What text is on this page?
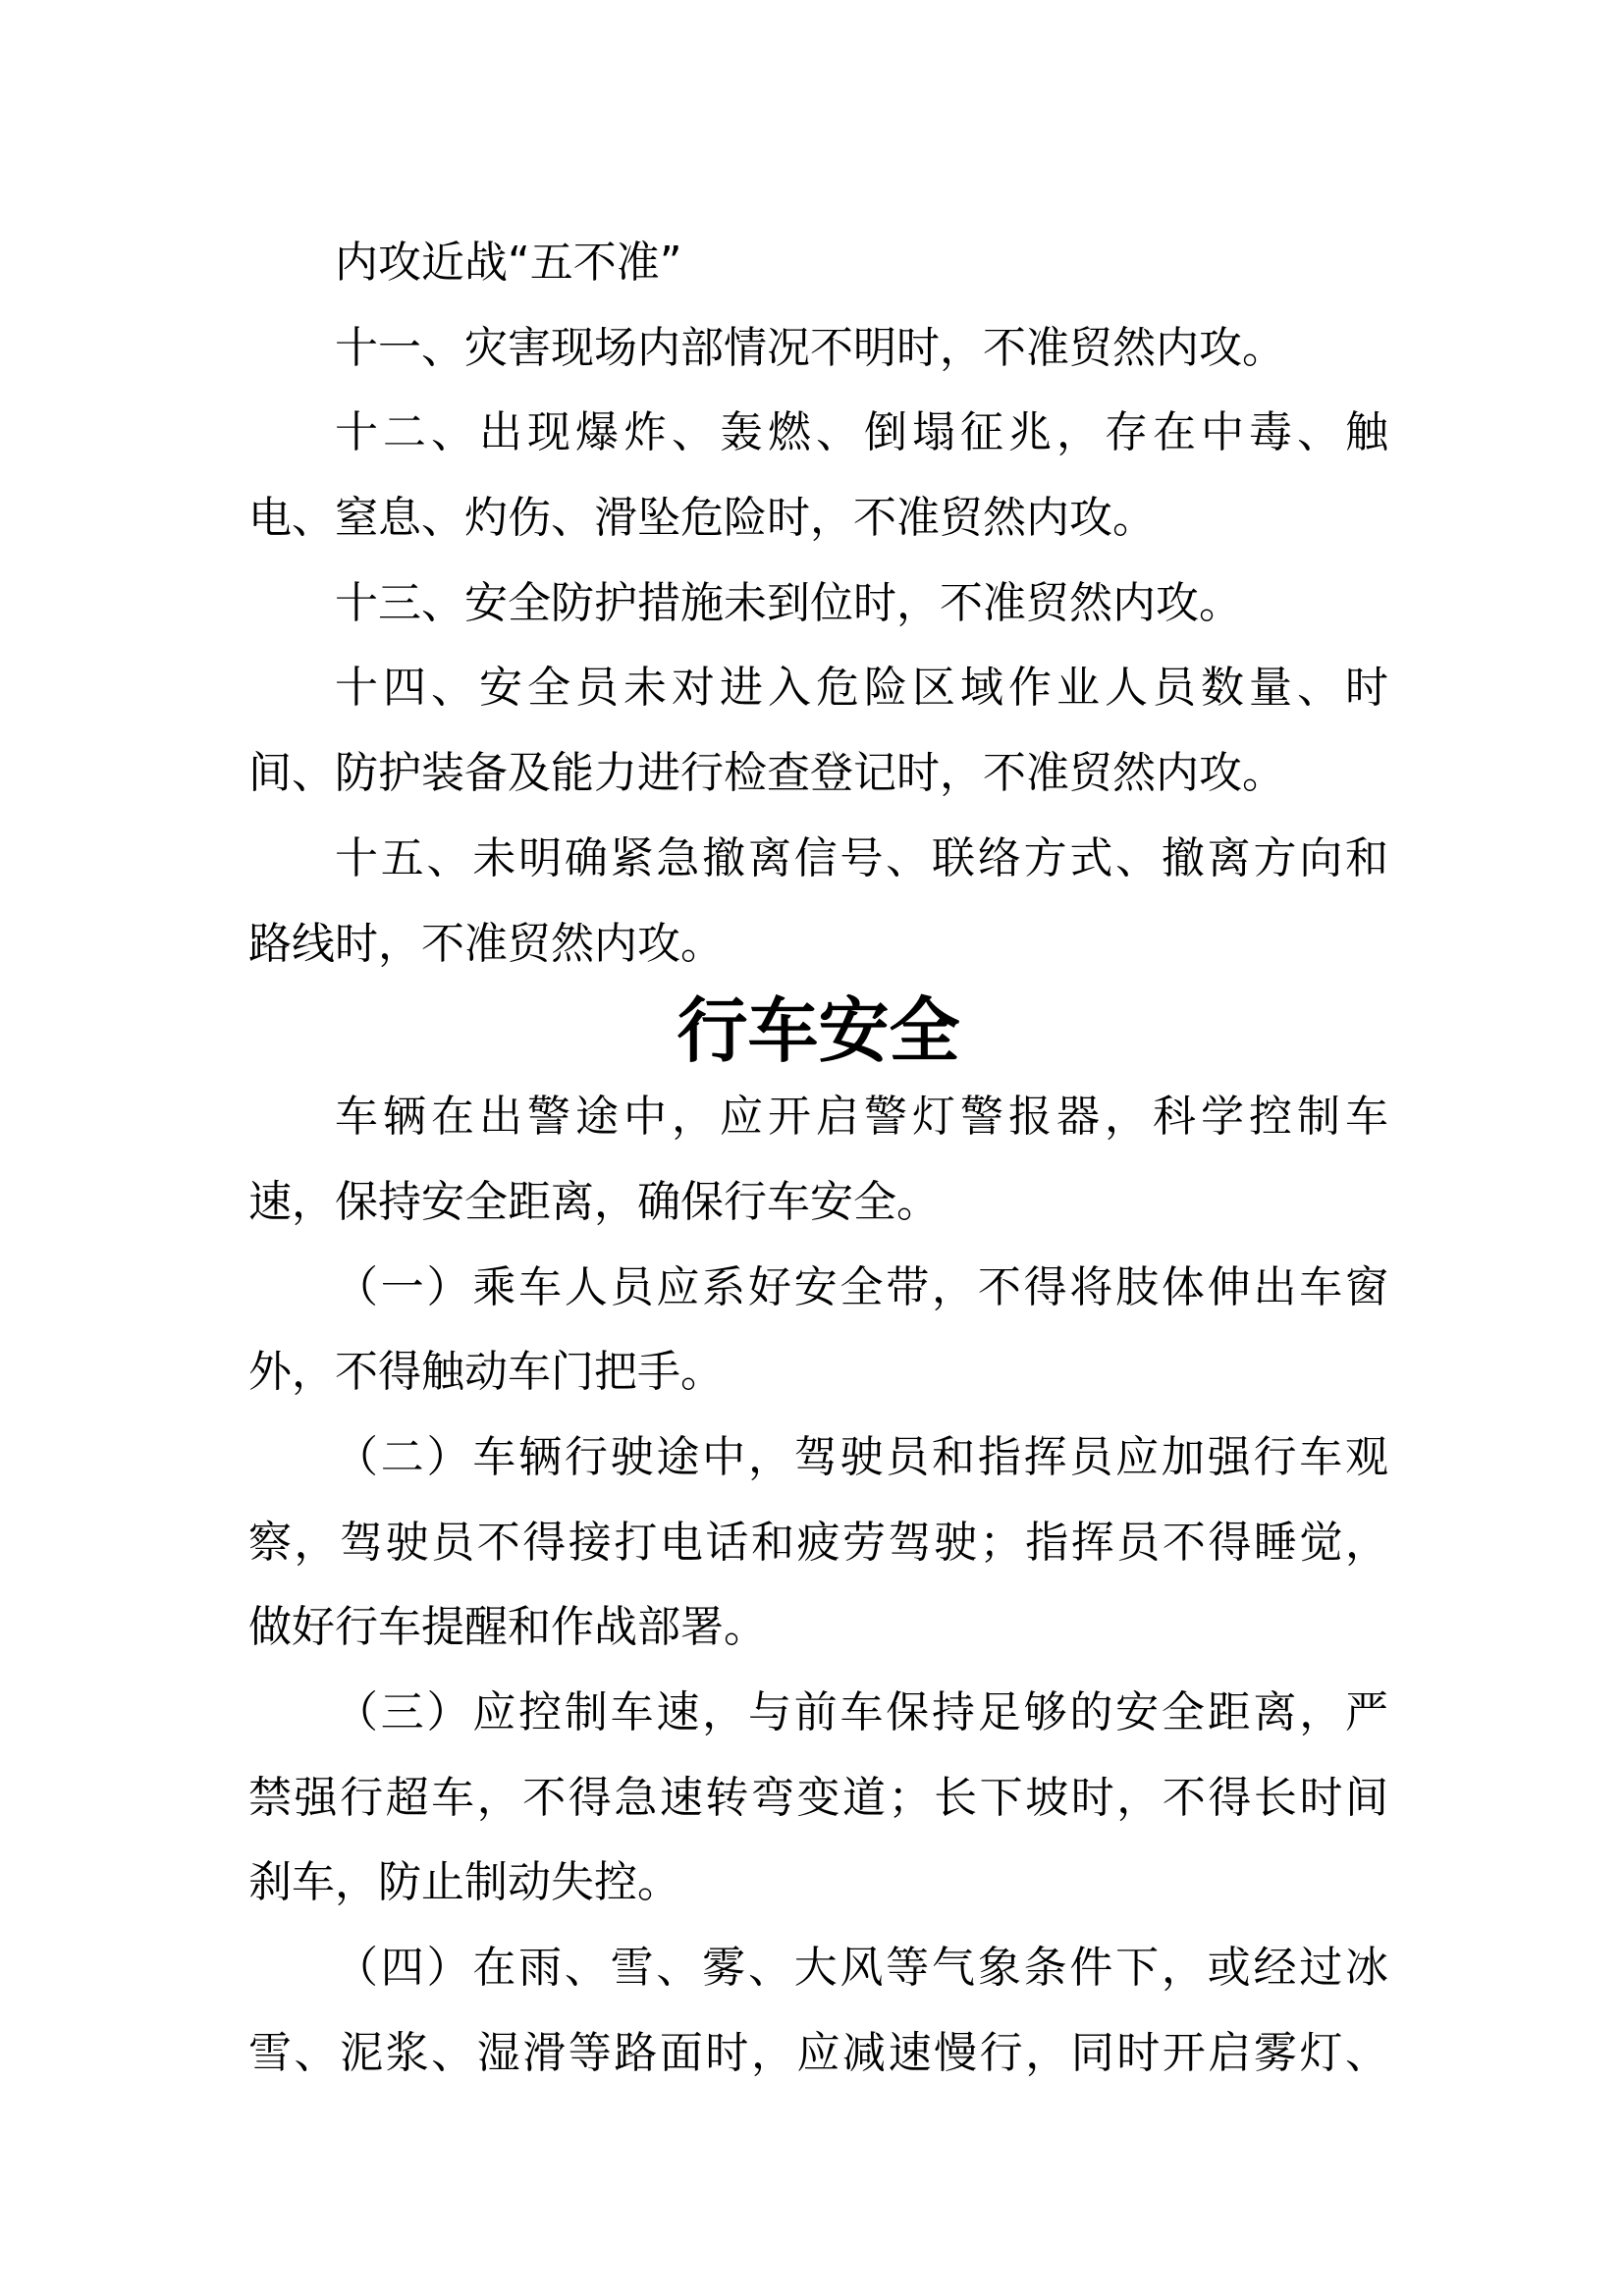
内攻近战“五不准”
十一、灾害现场内部情况不明时，不准贸然内攻。
十二、出现爆炸、轰燃、倒塌征兆，存在中毒、触
电、窒息、灼伤、滑坠危险时，不准贸然内攻。
十三、安全防护措施未到位时，不准贸然内攻。
十四、安全员未对进入危险区域作业人员数量、时
间、防护装备及能力进行检查登记时，不准贸然内攻。
十五、未明确紧急撤离信号、联络方式、撤离方向和
路线时，不准贸然内攻。
行车安全
车辆在出警途中，应开启警灯警报器，科学控制车
速，保持安全距离，确保行车安全。
（一）乘车人员应系好安全带，不得将肢体伸出车窗
外，不得触动车门把手。
（二）车辆行驶途中，驾驶员和指挥员应加强行车观
察，驾驶员不得接打电话和疲劳驾驶；指挥员不得睡觉，
做好行车提醒和作战部署。
（三）应控制车速，与前车保持足够的安全距离，严
禁强行超车，不得急速转弯变道；长下坡时，不得长时间
刹车，防止制动失控。
（四）在雨、雪、雾、大风等气象条件下，或经过冰
雪、泥浆、湿滑等路面时，应减速慢行，同时开启雾灯、
